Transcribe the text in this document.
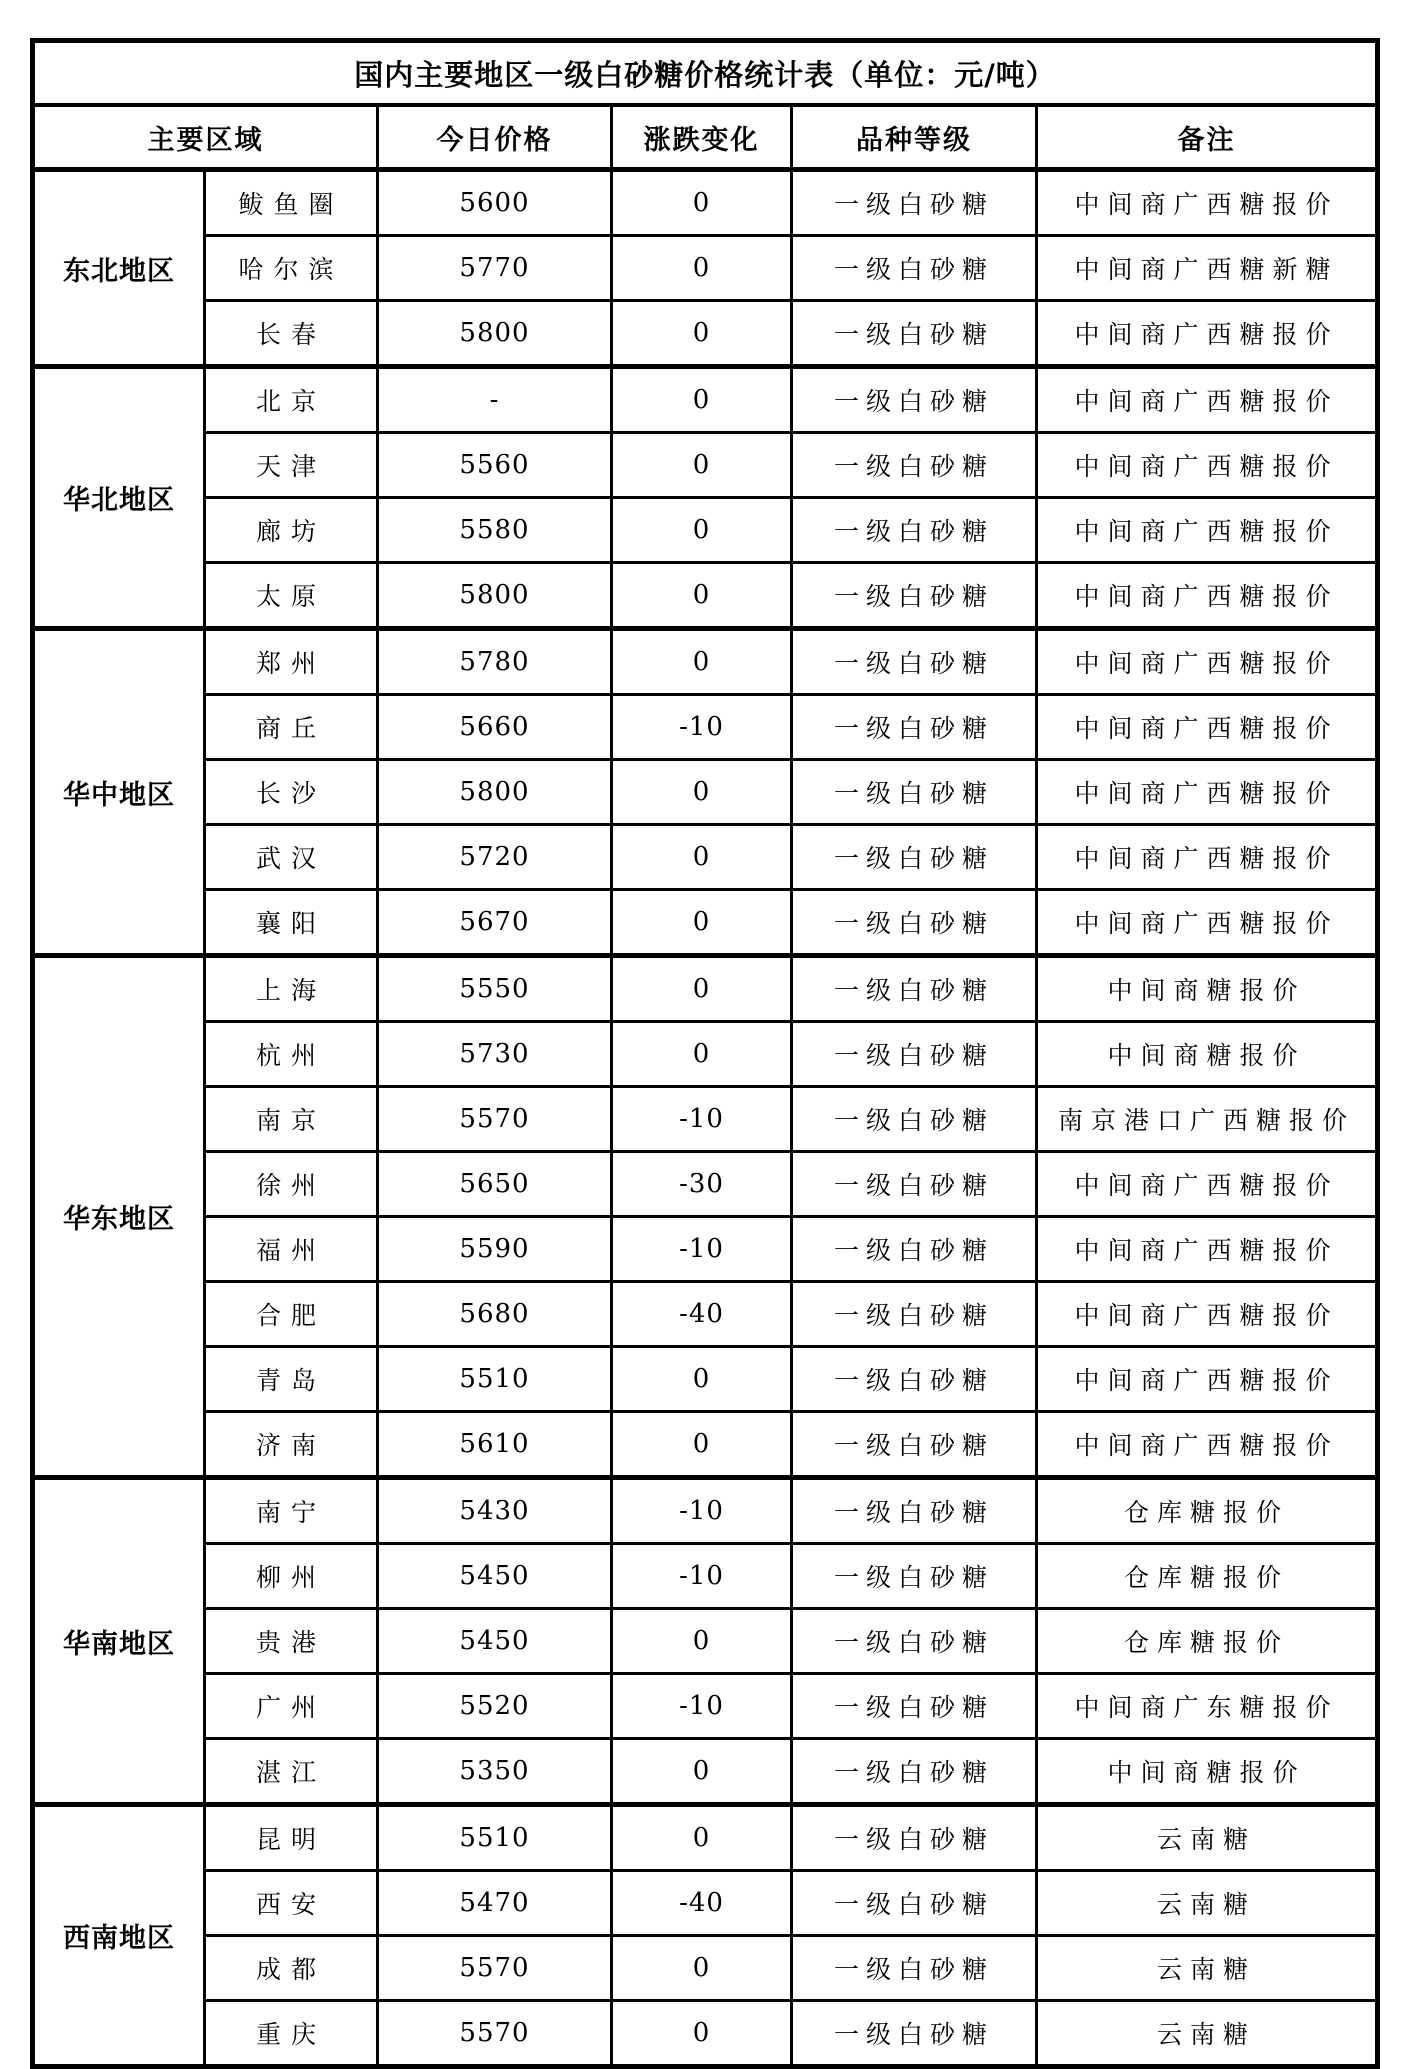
国内主要地区一级白砂糖价格统计表（单位：元/吨）					
主要区域		今日价格	涨跌变化	品种等级	备注
东北地区	鲅鱼圈	5600	0	一级白砂糖	中间商广西糖报价
	哈尔滨	5770	0	一级白砂糖	中间商广西糖新糖
	长春	5800	0	一级白砂糖	中间商广西糖报价
华北地区	北京	-	0	一级白砂糖	中间商广西糖报价
	天津	5560	0	一级白砂糖	中间商广西糖报价
	廊坊	5580	0	一级白砂糖	中间商广西糖报价
	太原	5800	0	一级白砂糖	中间商广西糖报价
华中地区	郑州	5780	0	一级白砂糖	中间商广西糖报价
	商丘	5660	-10	一级白砂糖	中间商广西糖报价
	长沙	5800	0	一级白砂糖	中间商广西糖报价
	武汉	5720	0	一级白砂糖	中间商广西糖报价
	襄阳	5670	0	一级白砂糖	中间商广西糖报价
华东地区	上海	5550	0	一级白砂糖	中间商糖报价
	杭州	5730	0	一级白砂糖	中间商糖报价
	南京	5570	-10	一级白砂糖	南京港口广西糖报价
	徐州	5650	-30	一级白砂糖	中间商广西糖报价
	福州	5590	-10	一级白砂糖	中间商广西糖报价
	合肥	5680	-40	一级白砂糖	中间商广西糖报价
	青岛	5510	0	一级白砂糖	中间商广西糖报价
	济南	5610	0	一级白砂糖	中间商广西糖报价
华南地区	南宁	5430	-10	一级白砂糖	仓库糖报价
	柳州	5450	-10	一级白砂糖	仓库糖报价
	贵港	5450	0	一级白砂糖	仓库糖报价
	广州	5520	-10	一级白砂糖	中间商广东糖报价
	湛江	5350	0	一级白砂糖	中间商糖报价
西南地区	昆明	5510	0	一级白砂糖	云南糖
	西安	5470	-40	一级白砂糖	云南糖
	成都	5570	0	一级白砂糖	云南糖
	重庆	5570	0	一级白砂糖	云南糖
